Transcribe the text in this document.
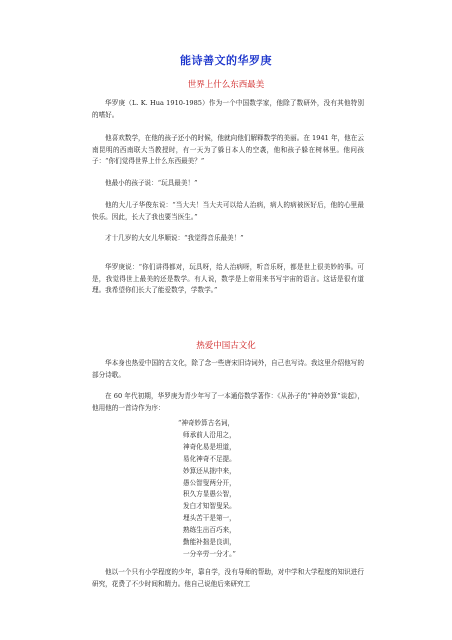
能诗善文的华罗庚
世界上什么东西最美

华罗庚（L. K. Hua 1910-1985）作为一个中国数学家，他除了数研外，没有其他特别的嗜好。

他喜欢数学，在他的孩子还小的时候，他就向他们解释数学的美丽。在 1941 年，他在云南昆明的西南联大当教授时，有一天为了躲日本人的空袭，他和孩子躲在树林里。他问孩子：“你们觉得世界上什么东西最美？”

他最小的孩子说：“玩具最美！”

他的大儿子华俊东说：“当大夫！当大夫可以给人治病，病人的病被医好后，他的心里最快乐。因此，长大了我也要当医生。”

才十几岁的大女儿华顺说：“我觉得音乐最美！”

华罗庚说：“你们讲得都对，玩具呀，给人治病呀，听音乐呀，都是世上很美妙的事。可是，我觉得世上最美的还是数学。有人说，数学是上帝用来书写宇宙的语言。这话是很有道理。我希望你们长大了能爱数学，学数学。”

热爱中国古文化

华本身也热爱中国的古文化，除了念一些唐宋旧诗词外，自己也写诗。我这里介绍他写的部分诗歌。

在 60 年代初期，华罗庚为青少年写了一本通俗数学著作：《从孙子的“神奇妙算”谈起》，他用他的一首诗作为序：

“神奇妙算古名词，
师承前人沿用之，
神奇化易是坦道，
易化神奇不足提。
妙算还从拙中来，
愚公智叟两分开，
积久方显愚公智，
发白才知智叟呆。
埋头苦干是第一，
熟练生出百巧来，
勤能补拙是良训，
一分辛劳一分才。”

他以一个只有小学程度的少年，靠自学，没有导师的帮助，对中学和大学程度的知识进行研究，花费了不少时间和精力。他自己说他后来研究工
